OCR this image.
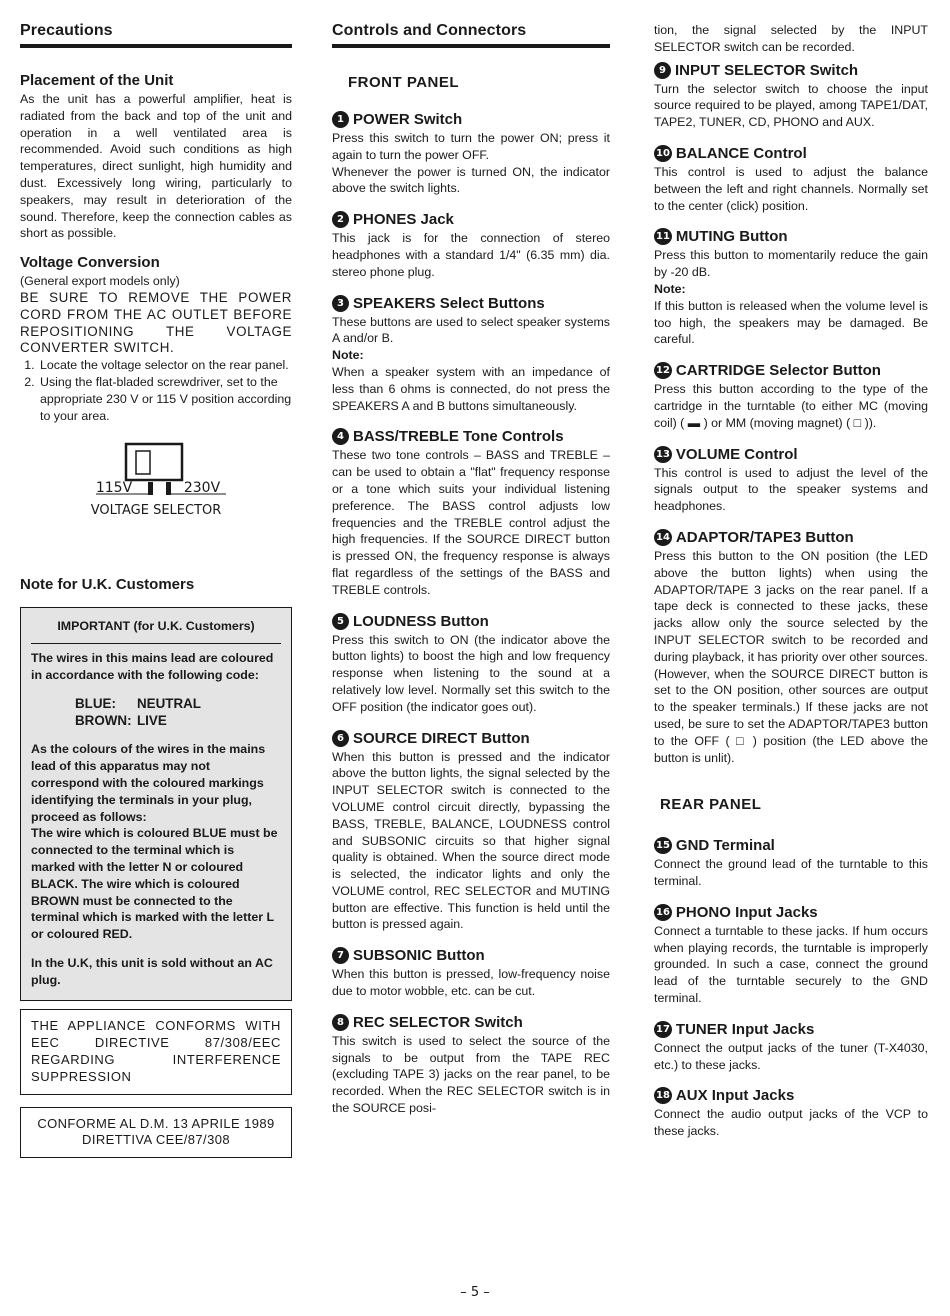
Precautions
Placement of the Unit

As the unit has a powerful amplifier, heat is radiated from the back and top of the unit and operation in a well ventilated area is recommended. Avoid such conditions as high temperatures, direct sunlight, high humidity and dust. Excessively long wiring, particularly to speakers, may result in deterioration of the sound. Therefore, keep the connection cables as short as possible.

Voltage Conversion

(General export models only)

BE SURE TO REMOVE THE POWER CORD FROM THE AC OUTLET BEFORE REPOSITIONING THE VOLTAGE CONVERTER SWITCH.

1. Locate the voltage selector on the rear panel.
2. Using the flat-bladed screwdriver, set to the appropriate 230 V or 115 V position according to your area.
115V	230V
VOLTAGE SELECTOR
Note for U.K. Customers
IMPORTANT (for U.K. Customers)
The wires in this mains lead are coloured in accordance with the following code:
BLUE: NEUTRAL
BROWN: LIVE
As the colours of the wires in the mains lead of this apparatus may not correspond with the coloured markings identifying the terminals in your plug, proceed as follows:
The wire which is coloured BLUE must be connected to the terminal which is marked with the letter N or coloured BLACK. The wire which is coloured BROWN must be connected to the terminal which is marked with the letter L or coloured RED.
In the U.K, this unit is sold without an AC plug.
THE APPLIANCE CONFORMS WITH EEC DIRECTIVE 87/308/EEC REGARDING INTERFERENCE SUPPRESSION
CONFORME AL D.M. 13 APRILE 1989
DIRETTIVA CEE/87/308
Controls and Connectors
FRONT PANEL
1 POWER Switch

Press this switch to turn the power ON; press it again to turn the power OFF.

Whenever the power is turned ON, the indicator above the switch lights.

2 PHONES Jack

This jack is for the connection of stereo headphones with a standard 1/4" (6.35 mm) dia. stereo phone plug.

3 SPEAKERS Select Buttons

These buttons are used to select speaker systems A and/or B.

Note:

When a speaker system with an impedance of less than 6 ohms is connected, do not press the SPEAKERS A and B buttons simultaneously.

4 BASS/TREBLE Tone Controls

These two tone controls – BASS and TREBLE – can be used to obtain a "flat" frequency response or a tone which suits your individual listening preference. The BASS control adjusts low frequencies and the TREBLE control adjust the high frequencies. If the SOURCE DIRECT button is pressed ON, the frequency response is always flat regardless of the settings of the BASS and TREBLE controls.

5 LOUDNESS Button

Press this switch to ON (the indicator above the button lights) to boost the high and low frequency response when listening to the sound at a relatively low level. Normally set this switch to the OFF position (the indicator goes out).

6 SOURCE DIRECT Button

When this button is pressed and the indicator above the button lights, the signal selected by the INPUT SELECTOR switch is connected to the VOLUME control circuit directly, bypassing the BASS, TREBLE, BALANCE, LOUDNESS control and SUBSONIC circuits so that higher signal quality is obtained. When the source direct mode is selected, the indicator lights and only the VOLUME control, REC SELECTOR and MUTING button are effective. This function is held until the button is pressed again.

7 SUBSONIC Button

When this button is pressed, low-frequency noise due to motor wobble, etc. can be cut.

8 REC SELECTOR Switch

This switch is used to select the source of the signals to be output from the TAPE REC (excluding TAPE 3) jacks on the rear panel, to be recorded. When the REC SELECTOR switch is in the SOURCE posi-

tion, the signal selected by the INPUT SELECTOR switch can be recorded.

9 INPUT SELECTOR Switch

Turn the selector switch to choose the input source required to be played, among TAPE1/DAT, TAPE2, TUNER, CD, PHONO and AUX.

10 BALANCE Control

This control is used to adjust the balance between the left and right channels. Normally set to the center (click) position.

11 MUTING Button

Press this button to momentarily reduce the gain by -20 dB.

Note:

If this button is released when the volume level is too high, the speakers may be damaged. Be careful.

12 CARTRIDGE Selector Button

Press this button according to the type of the cartridge in the turntable (to either MC (moving coil) ( ▬ ) or MM (moving magnet) ( □ )).

13 VOLUME Control

This control is used to adjust the level of the signals output to the speaker systems and headphones.

14 ADAPTOR/TAPE3 Button

Press this button to the ON position (the LED above the button lights) when using the ADAPTOR/TAPE 3 jacks on the rear panel. If a tape deck is connected to these jacks, these jacks allow only the source selected by the INPUT SELECTOR switch to be recorded and during playback, it has priority over other sources. (However, when the SOURCE DIRECT button is set to the ON position, other sources are output to the speaker terminals.) If these jacks are not used, be sure to set the ADAPTOR/TAPE3 button to the OFF ( □ ) position (the LED above the button is unlit).

REAR PANEL
15 GND Terminal

Connect the ground lead of the turntable to this terminal.

16 PHONO Input Jacks

Connect a turntable to these jacks. If hum occurs when playing records, the turntable is improperly grounded. In such a case, connect the ground lead of the turntable securely to the GND terminal.

17 TUNER Input Jacks

Connect the output jacks of the tuner (T-X4030, etc.) to these jacks.

18 AUX Input Jacks

Connect the audio output jacks of the VCP to these jacks.

– 5 –
